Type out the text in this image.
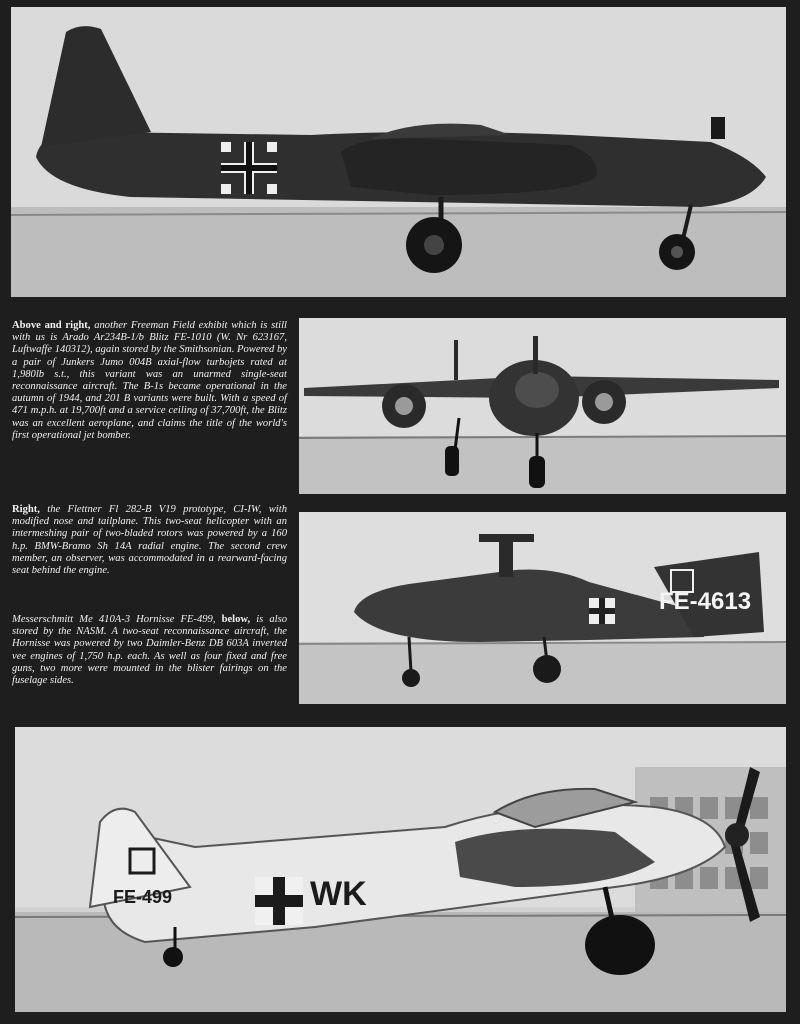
Above and right, another Freeman Field exhibit which is still with us is Arado Ar234B-1/b Blitz FE-1010 (W. Nr 623167, Luftwaffe 140312), again stored by the Smithsonian. Powered by a pair of Junkers Jumo 004B axial-flow turbojets rated at 1,980lb s.t., this variant was an unarmed single-seat reconnaissance aircraft. The B-1s became operational in the autumn of 1944, and 201 B variants were built. With a speed of 471 m.p.h. at 19,700ft and a service ceiling of 37,700ft, the Blitz was an excellent aeroplane, and claims the title of the world's first operational jet bomber.

Right, the Flettner Fl 282-B V19 prototype, CI-IW, with modified nose and tailplane. This two-seat helicopter with an intermeshing pair of two-bladed rotors was powered by a 160 h.p. BMW-Bramo Sh 14A radial engine. The second crew member, an observer, was accommodated in a rearward-facing seat behind the engine.

FE-4613

Messerschmitt Me 410A-3 Hornisse FE-499, below, is also stored by the NASM. A two-seat reconnaissance aircraft, the Hornisse was powered by two Daimler-Benz DB 603A inverted vee engines of 1,750 h.p. each. As well as four fixed and free guns, two more were mounted in the blister fairings on the fuselage sides.

WK
FE-499
